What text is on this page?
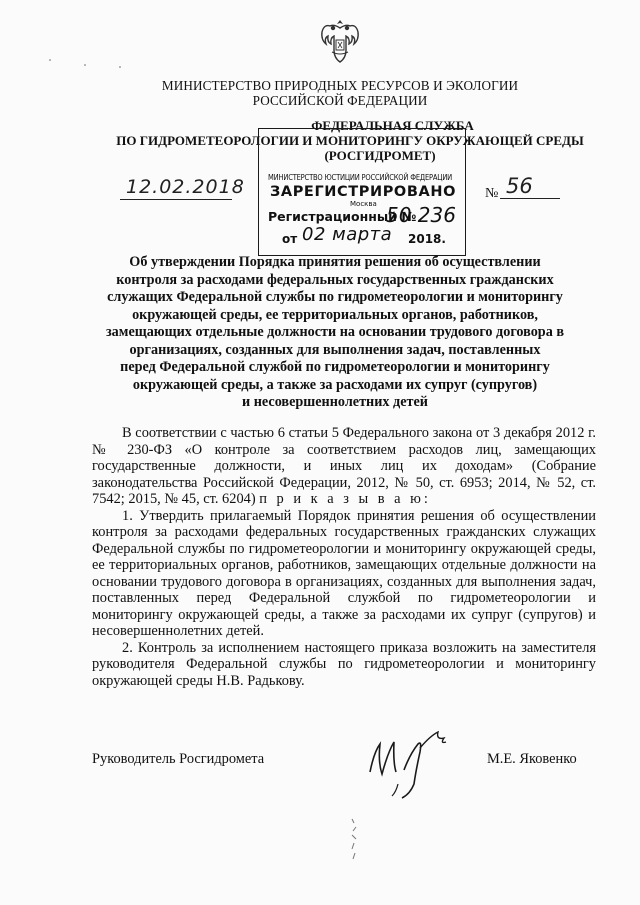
МИНИСТЕРСТВО ПРИРОДНЫХ РЕСУРСОВ И ЭКОЛОГИИ
РОССИЙСКОЙ ФЕДЕРАЦИИ
ФЕДЕРАЛЬНАЯ СЛУЖБА
ПО ГИДРОМЕТЕОРОЛОГИИ И МОНИТОРИНГУ ОКРУЖАЮЩЕЙ СРЕДЫ
(РОСГИДРОМЕТ)
12.02.2018	№ 56
МИНИСТЕРСТВО ЮСТИЦИИ РОССИЙСКОЙ ФЕДЕРАЦИИ
ЗАРЕГИСТРИРОВАНО
Москва
Регистрационный №
50 236
от 02 марта 2018.
Об утверждении Порядка принятия решения об осуществлении
контроля за расходами федеральных государственных гражданских
служащих Федеральной службы по гидрометеорологии и мониторингу
окружающей среды, ее территориальных органов, работников,
замещающих отдельные должности на основании трудового договора в
организациях, созданных для выполнения задач, поставленных
перед Федеральной службой по гидрометеорологии и мониторингу
окружающей среды, а также за расходами их супруг (супругов)
и несовершеннолетних детей

В соответствии с частью 6 статьи 5 Федерального закона от 3 декабря 2012 г. № 230-ФЗ «О контроле за соответствием расходов лиц, замещающих государственные должности, и иных лиц их доходам» (Собрание законодательства Российской Федерации, 2012, № 50, ст. 6953; 2014, № 52, ст. 7542; 2015, № 45, ст. 6204) п р и к а з ы в а ю:

1. Утвердить прилагаемый Порядок принятия решения об осуществлении контроля за расходами федеральных государственных гражданских служащих Федеральной службы по гидрометеорологии и мониторингу окружающей среды, ее территориальных органов, работников, замещающих отдельные должности на основании трудового договора в организациях, созданных для выполнения задач, поставленных перед Федеральной службой по гидрометеорологии и мониторингу окружающей среды, а также за расходами их супруг (супругов) и несовершеннолетних детей.

2. Контроль за исполнением настоящего приказа возложить на заместителя руководителя Федеральной службы по гидрометеорологии и мониторингу окружающей среды Н.В. Радькову.

Руководитель Росгидромета	М.Е. Яковенко
